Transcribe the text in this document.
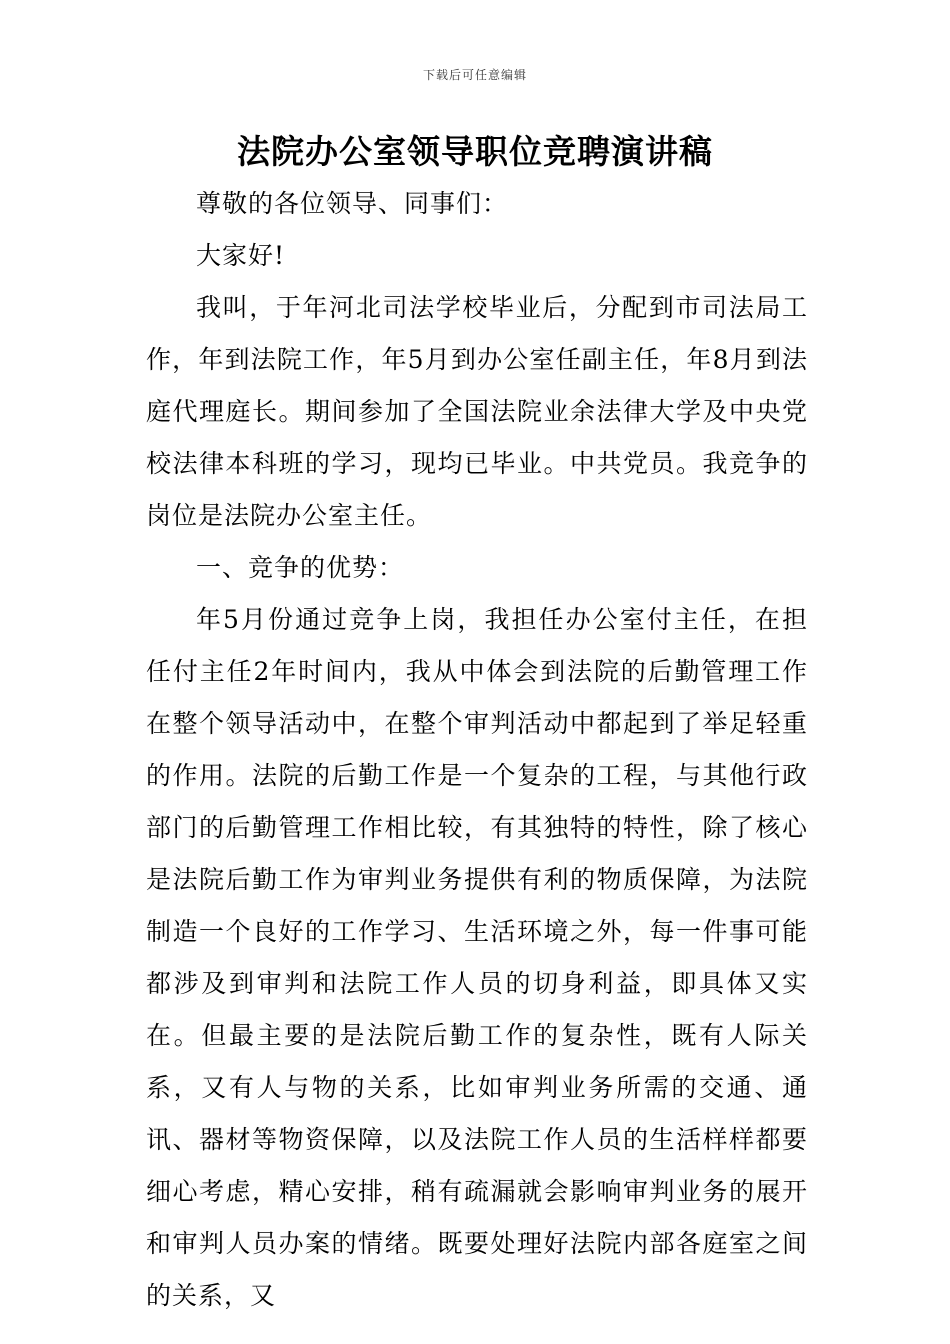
下载后可任意编辑
法院办公室领导职位竞聘演讲稿

尊敬的各位领导、同事们：

大家好!

我叫，于年河北司法学校毕业后，分配到市司法局工作，年到法院工作，年5月到办公室任副主任，年8月到法庭代理庭长。期间参加了全国法院业余法律大学及中央党校法律本科班的学习，现均已毕业。中共党员。我竞争的岗位是法院办公室主任。

一、竞争的优势：

年5月份通过竞争上岗，我担任办公室付主任，在担任付主任2年时间内，我从中体会到法院的后勤管理工作在整个领导活动中，在整个审判活动中都起到了举足轻重的作用。法院的后勤工作是一个复杂的工程，与其他行政部门的后勤管理工作相比较，有其独特的特性，除了核心是法院后勤工作为审判业务提供有利的物质保障，为法院制造一个良好的工作学习、生活环境之外，每一件事可能都涉及到审判和法院工作人员的切身利益，即具体又实在。但最主要的是法院后勤工作的复杂性，既有人际关系，又有人与物的关系，比如审判业务所需的交通、通讯、器材等物资保障，以及法院工作人员的生活样样都要细心考虑，精心安排，稍有疏漏就会影响审判业务的展开和审判人员办案的情绪。既要处理好法院内部各庭室之间的关系，又
